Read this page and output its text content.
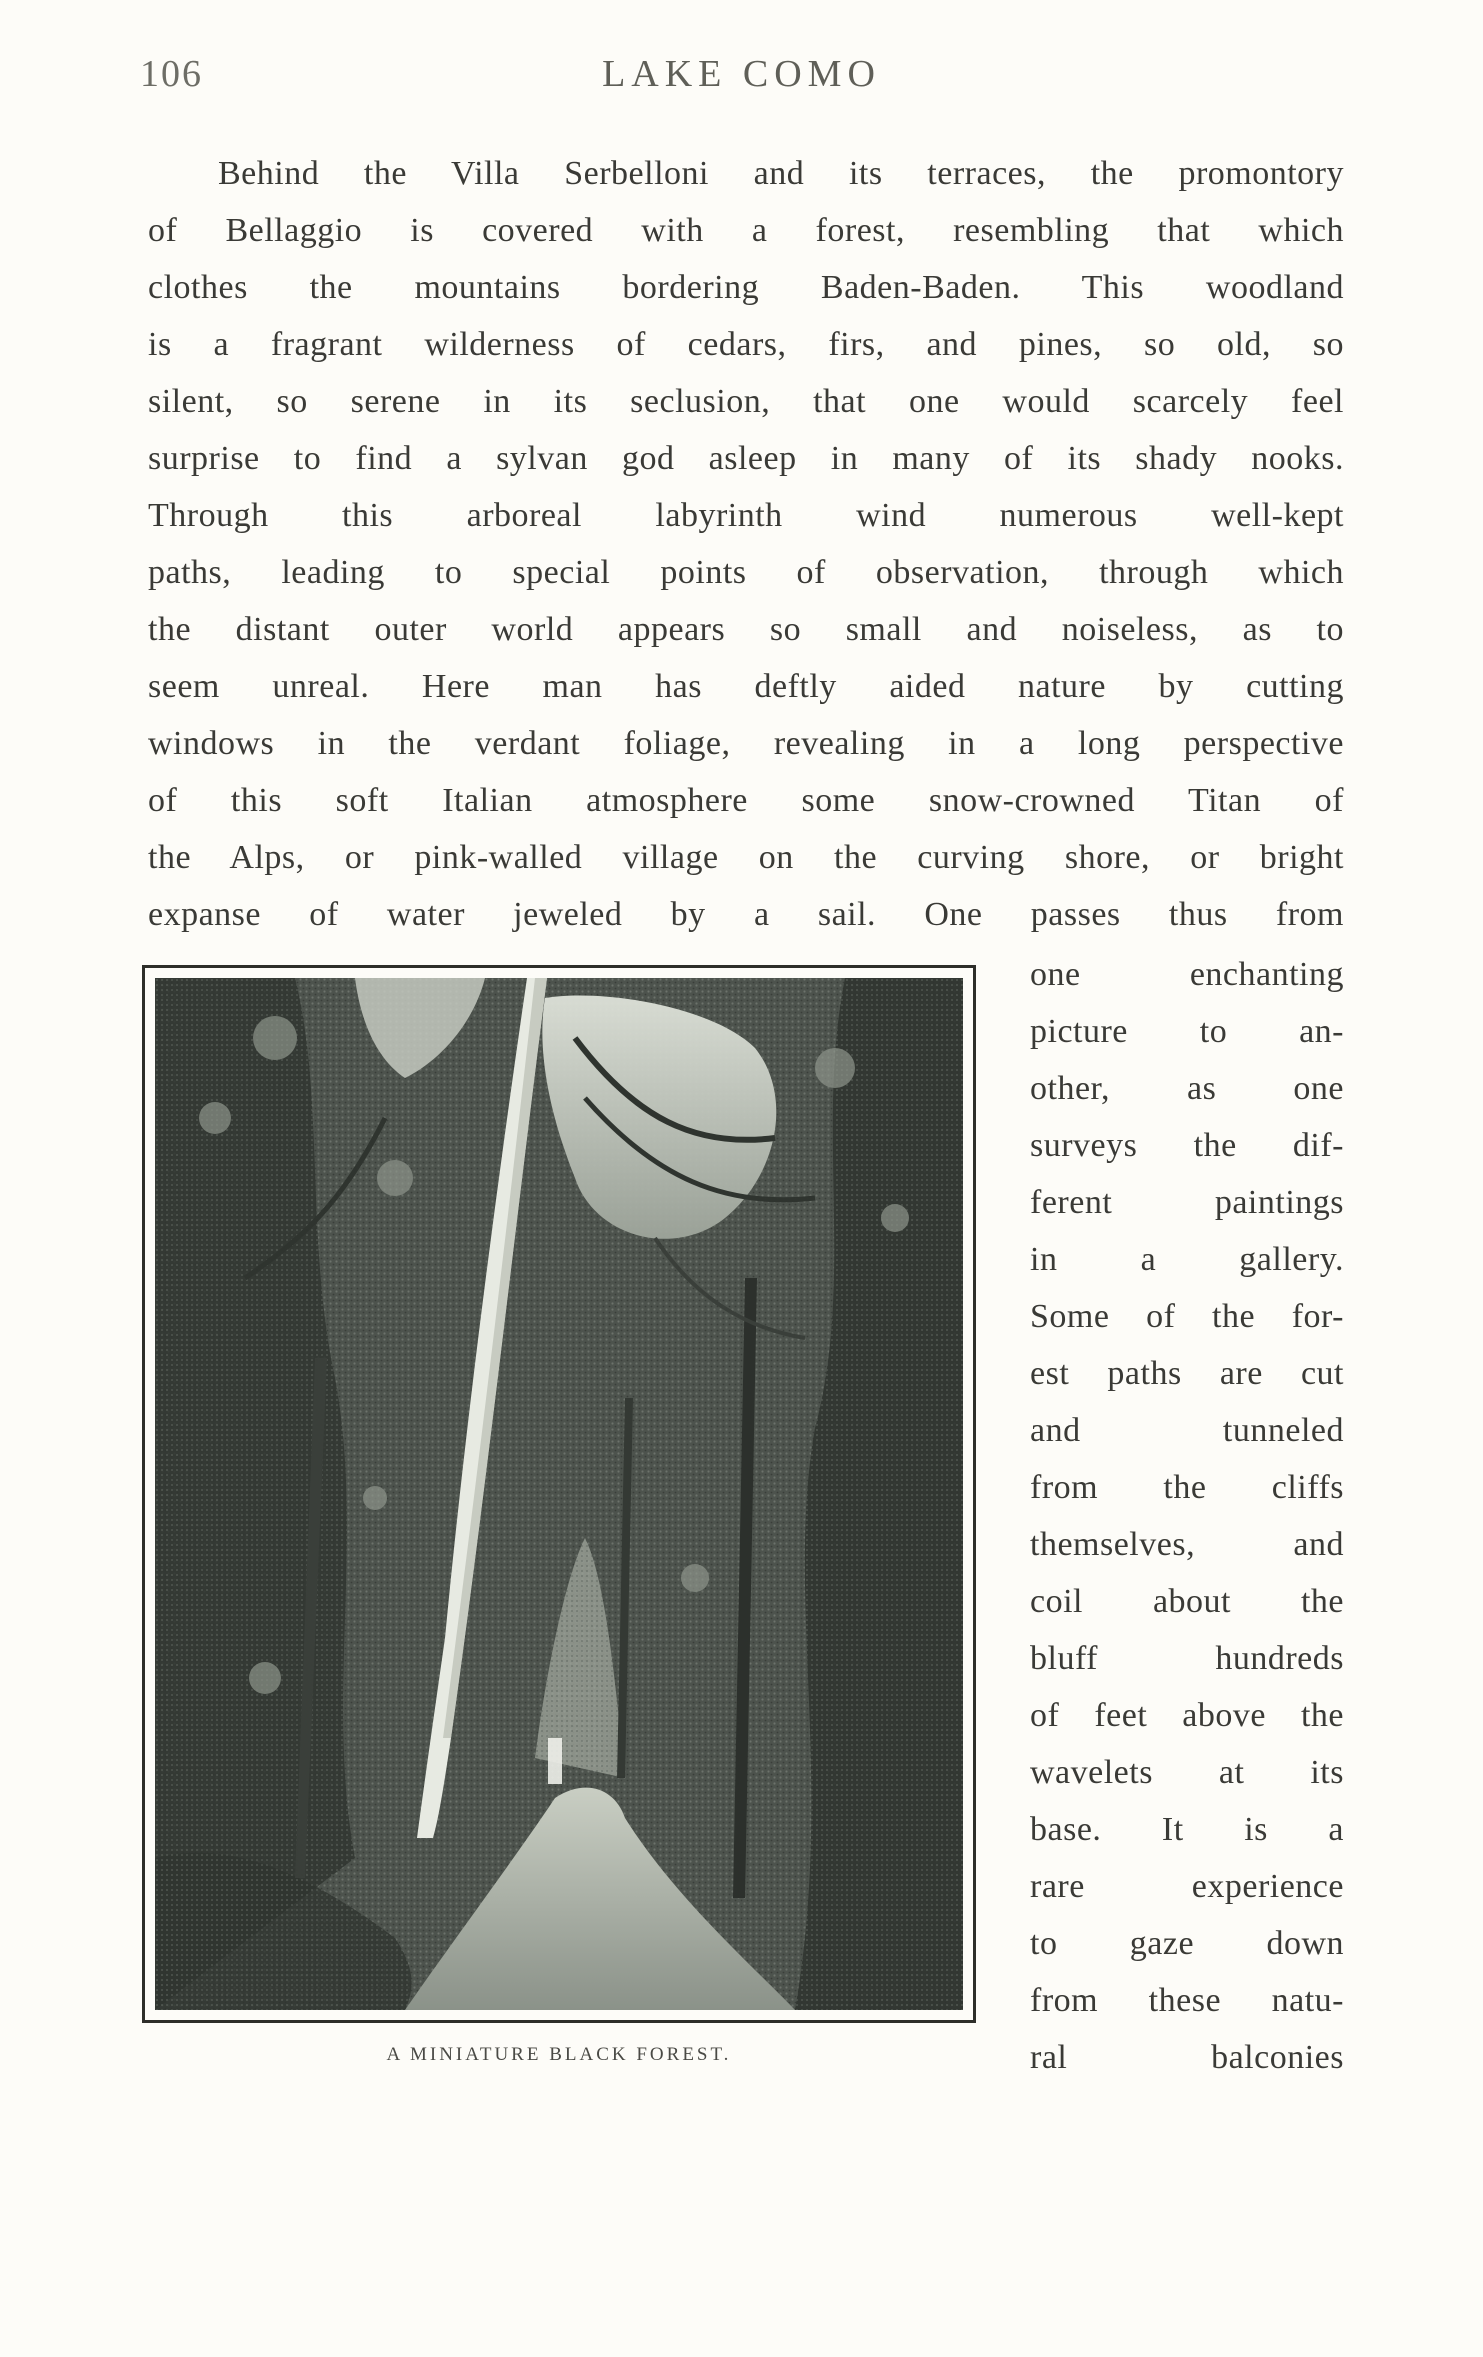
106	LAKE COMO
Behind the Villa Serbelloni and its terraces, the promontory
of Bellaggio is covered with a forest, resembling that which
clothes the mountains bordering Baden-Baden. This woodland
is a fragrant wilderness of cedars, firs, and pines, so old, so
silent, so serene in its seclusion, that one would scarcely feel
surprise to find a sylvan god asleep in many of its shady nooks.
Through this arboreal labyrinth wind numerous well-kept
paths, leading to special points of observation, through which
the distant outer world appears so small and noiseless, as to
seem unreal. Here man has deftly aided nature by cutting
windows in the verdant foliage, revealing in a long perspective
of this soft Italian atmosphere some snow-crowned Titan of
the Alps, or pink-walled village on the curving shore, or bright
expanse of water jeweled by a sail. One passes thus from
one enchanting
picture to an-
other, as one
surveys the dif-
ferent paintings
in a gallery.
Some of the for-
est paths are cut
and tunneled
from the cliffs
themselves, and
coil about the
bluff hundreds
of feet above the
wavelets at its
base. It is a
rare experience
to gaze down
from these natu-
ral balconies
A MINIATURE BLACK FOREST.
